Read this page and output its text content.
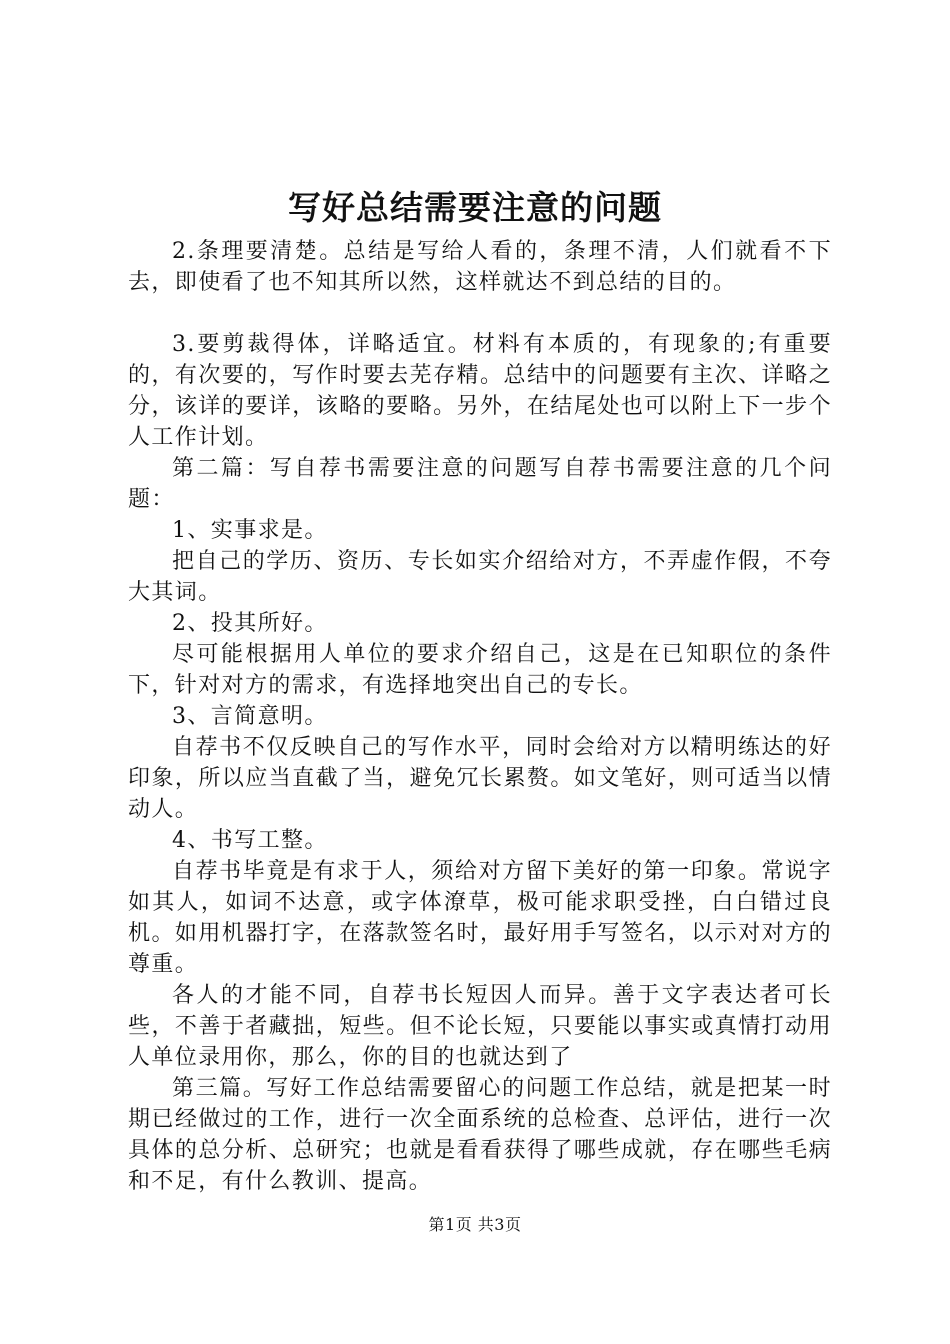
写好总结需要注意的问题

2.条理要清楚。总结是写给人看的，条理不清，人们就看不下去，即使看了也不知其所以然，这样就达不到总结的目的。

3.要剪裁得体，详略适宜。材料有本质的，有现象的;有重要的，有次要的，写作时要去芜存精。总结中的问题要有主次、详略之分，该详的要详，该略的要略。另外，在结尾处也可以附上下一步个人工作计划。

第二篇：写自荐书需要注意的问题写自荐书需要注意的几个问题：

1、实事求是。

把自己的学历、资历、专长如实介绍给对方，不弄虚作假，不夸大其词。

2、投其所好。

尽可能根据用人单位的要求介绍自己，这是在已知职位的条件下，针对对方的需求，有选择地突出自己的专长。

3、言简意明。

自荐书不仅反映自己的写作水平，同时会给对方以精明练达的好印象，所以应当直截了当，避免冗长累赘。如文笔好，则可适当以情动人。

4、书写工整。

自荐书毕竟是有求于人，须给对方留下美好的第一印象。常说字如其人，如词不达意，或字体潦草，极可能求职受挫，白白错过良机。如用机器打字，在落款签名时，最好用手写签名，以示对对方的尊重。

各人的才能不同，自荐书长短因人而异。善于文字表达者可长些，不善于者藏拙，短些。但不论长短，只要能以事实或真情打动用人单位录用你，那么，你的目的也就达到了

第三篇。写好工作总结需要留心的问题工作总结，就是把某一时期已经做过的工作，进行一次全面系统的总检查、总评估，进行一次具体的总分析、总研究；也就是看看获得了哪些成就，存在哪些毛病和不足，有什么教训、提高。

第1页 共3页
